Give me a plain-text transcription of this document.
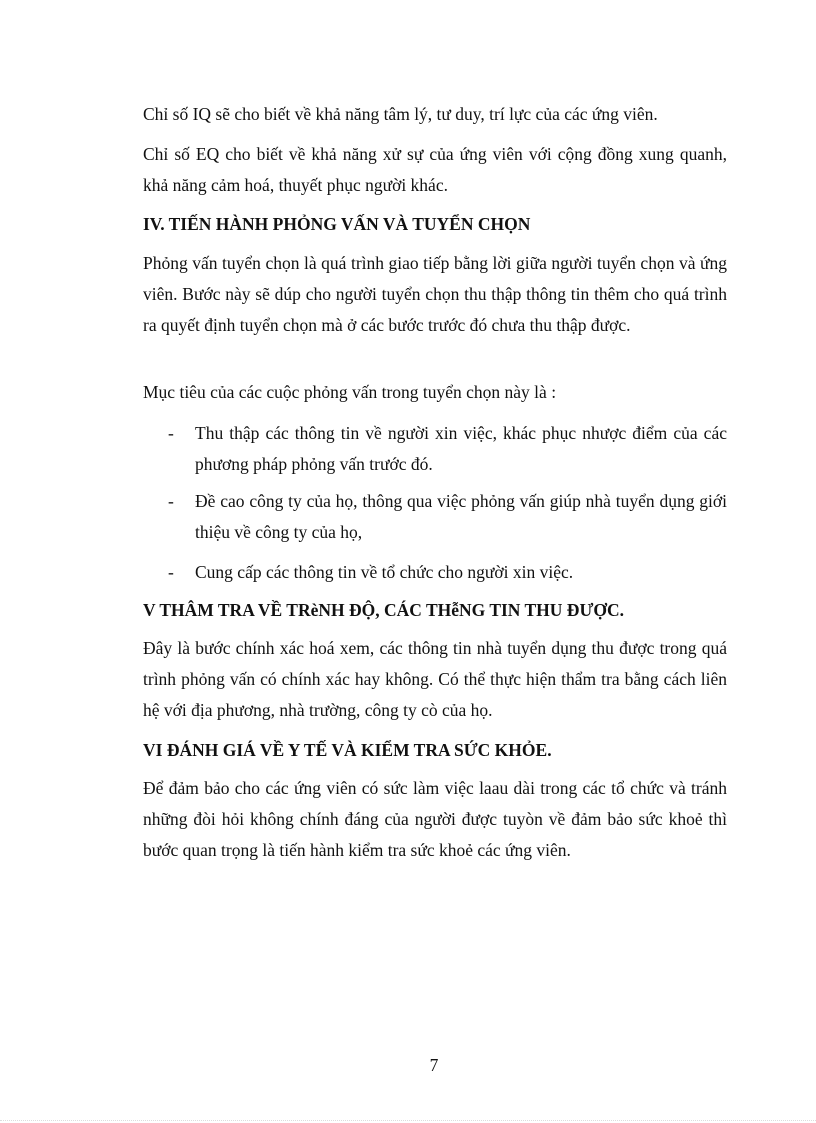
Chỉ số IQ sẽ cho biết về khả năng tâm lý, tư duy, trí lực của các ứng viên.

Chỉ số EQ cho biết về khả năng xử sự của ứng viên với cộng đồng xung quanh, khả năng cảm hoá, thuyết phục người khác.

IV. TIẾN HÀNH PHỎNG VẤN VÀ TUYỂN CHỌN

Phỏng vấn tuyển chọn là quá trình giao tiếp bằng lời giữa người tuyển chọn và ứng viên. Bước này sẽ dúp cho người tuyển chọn thu thập thông tin thêm cho quá trình ra quyết định tuyển chọn mà ở các bước trước đó chưa thu thập được.

Mục tiêu của các cuộc phỏng vấn trong tuyển chọn này là :

-	Thu thập các thông tin về người xin việc, khác phục nhược điểm của các phương pháp phỏng vấn trước đó.

-	Đề cao công ty của họ, thông qua việc phỏng vấn giúp nhà tuyển dụng giới thiệu về công ty của họ,

-	Cung cấp các thông tin về tổ chức cho người xin việc.

V THÂM TRA VỀ TRèNH ĐỘ, CÁC THễNG TIN THU ĐƯỢC.

Đây là bước chính xác hoá xem, các thông tin nhà tuyển dụng thu được trong quá trình phỏng vấn có chính xác hay không. Có thể thực hiện thẩm tra bằng cách liên hệ với địa phương, nhà trường, công ty cò của họ.

VI ĐÁNH GIÁ VỀ Y TẾ VÀ KIỂM TRA SỨC KHỎE.

Để đảm bảo cho các ứng viên có sức làm việc laau dài trong các tổ chức và tránh những đòi hỏi không chính đáng của người được tuyòn về đảm bảo sức khoẻ thì bước quan trọng là tiến hành kiểm tra sức khoẻ các ứng viên.

7
